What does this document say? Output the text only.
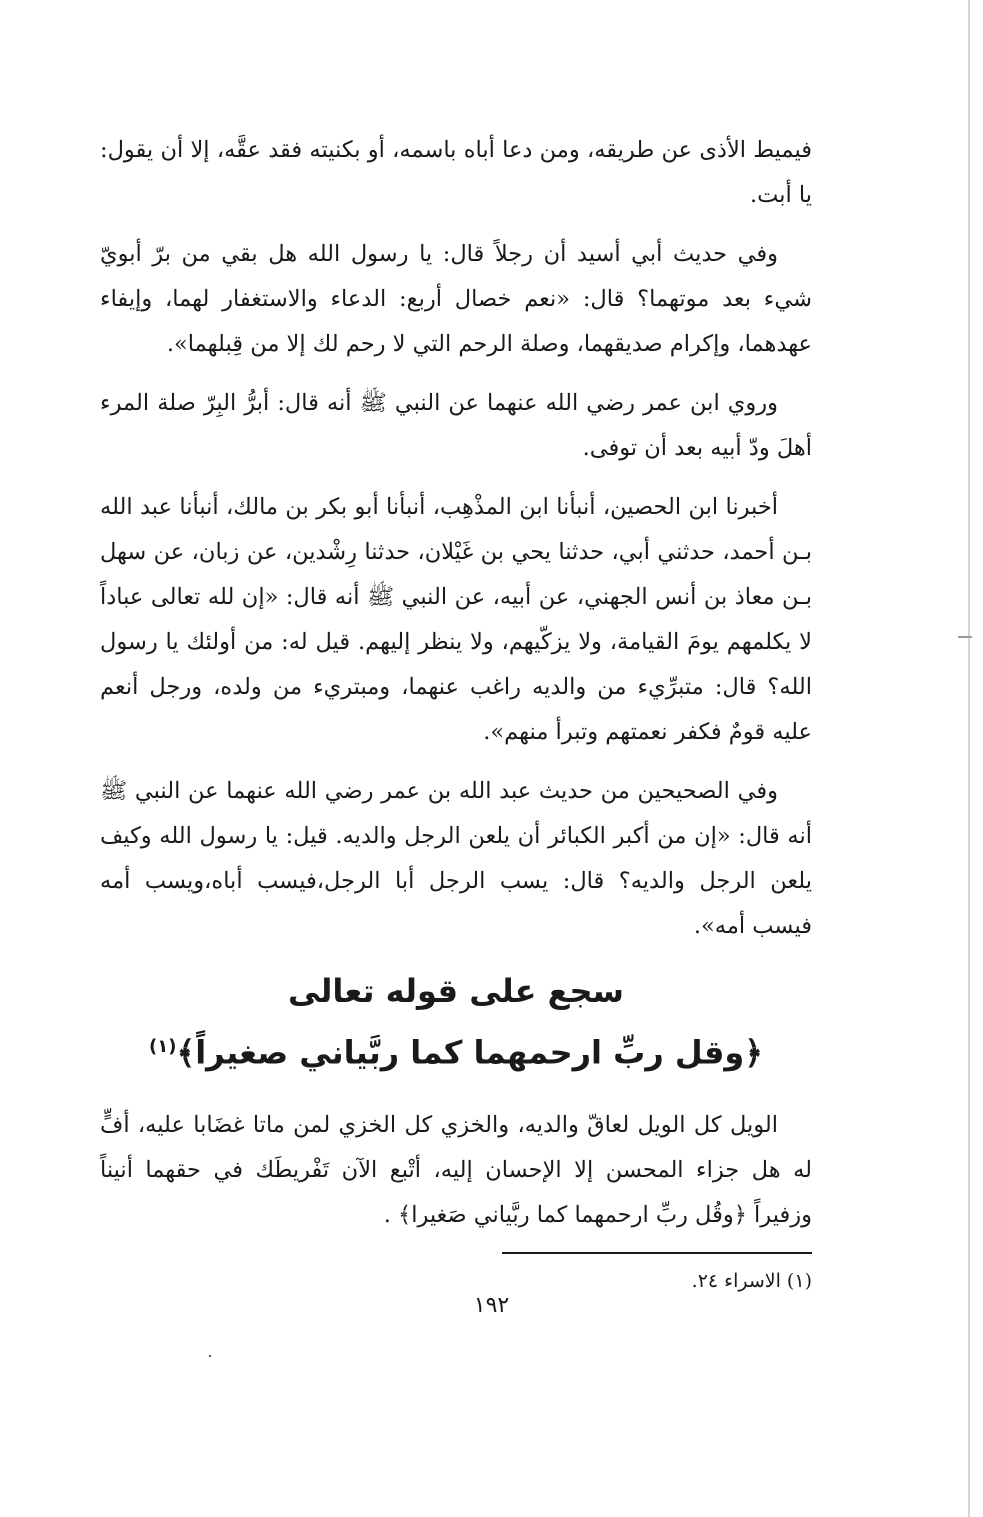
فيميط الأذى عن طريقه، ومن دعا أباه باسمه، أو بكنيته فقد عقَّه، إلا أن يقول: يا أبت.

وفي حديث أبي أسيد أن رجلاً قال: يا رسول الله هل بقي من برّ أبويّ شيء بعد موتهما؟ قال: «نعم خصال أربع: الدعاء والاستغفار لهما، وإيفاء عهدهما، وإكرام صديقهما، وصلة الرحم التي لا رحم لك إلا من قِبلهما».

وروي ابن عمر رضي الله عنهما عن النبي ﷺ أنه قال: أبرُّ البِرّ صلة المرء أهلَ ودّ أبيه بعد أن توفى.

أخبرنا ابن الحصين، أنبأنا ابن المذْهِب، أنبأنا أبو بكر بن مالك، أنبأنا عبد الله بـن أحمد، حدثني أبي، حدثنا يحي بن غَيْلان، حدثنا رِشْدين، عن زبان، عن سهل بـن معاذ بن أنس الجهني، عن أبيه، عن النبي ﷺ أنه قال: «إن لله تعالى عباداً لا يكلمهم يومَ القيامة، ولا يزكّيهم، ولا ينظر إليهم. قيل له: من أولئك يا رسول الله؟ قال: متبرِّيء من والديه راغب عنهما، ومبتريء من ولده، ورجل أنعم عليه قومٌ فكفر نعمتهم وتبرأ منهم».

وفي الصحيحين من حديث عبد الله بن عمر رضي الله عنهما عن النبي ﷺ أنه قال: «إن من أكبر الكبائر أن يلعن الرجل والديه. قيل: يا رسول الله وكيف يلعن الرجل والديه؟ قال: يسب الرجل أبا الرجل،فيسب أباه،ويسب أمه فيسب أمه».

سجع على قوله تعالى
﴿وقل ربِّ ارحمهما كما ربَّياني صغيراً﴾$^{(١)}$

الويل كل الويل لعاقّ والديه، والخزي كل الخزي لمن ماتا غضَابا عليه، أفٍّ له هل جزاء المحسن إلا الإحسان إليه، أتْبع الآن تَفْريطَك في حقهما أنيناً وزفيراً ﴿وقُل ربِّ ارحمهما كما ربَّياني صَغيرا﴾ .

(١) الاسراء ٢٤.
١٩٢
